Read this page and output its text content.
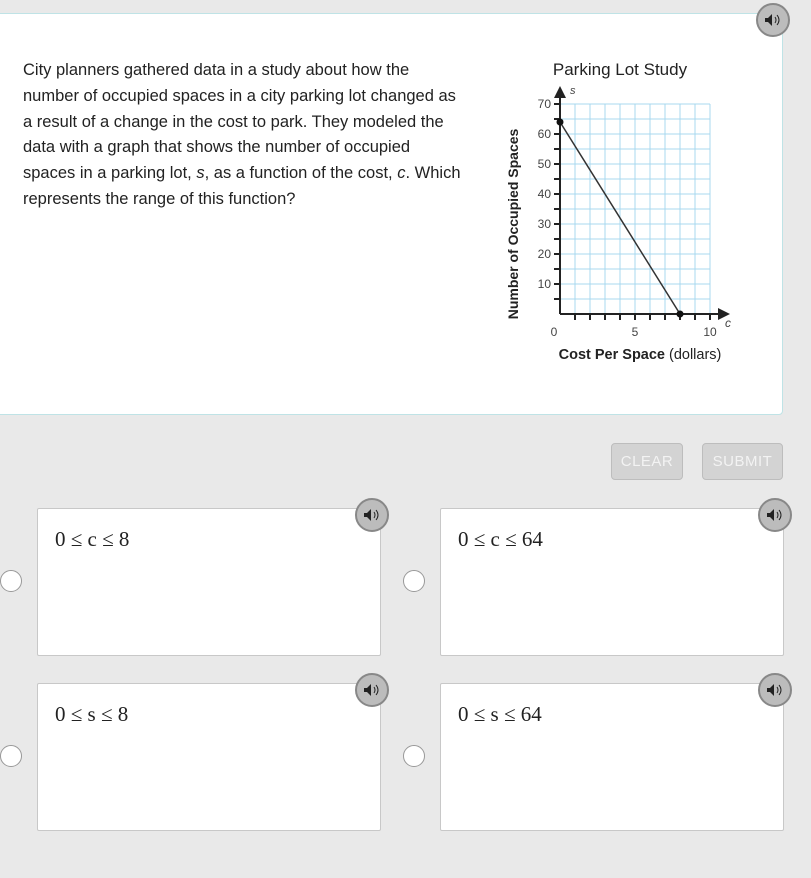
City planners gathered data in a study about how the number of occupied spaces in a city parking lot changed as a result of a change in the cost to park. They modeled the data with a graph that shows the number of occupied spaces in a parking lot, s, as a function of the cost, c. Which represents the range of this function?
0	5	10
10
20
30
40
50
60
70
Parking Lot Study
s
c
Number of Occupied Spaces
Cost Per Space (dollars)
CLEAR	SUBMIT
0 ≤ c ≤ 8	0 ≤ c ≤ 64
0 ≤ s ≤ 8	0 ≤ s ≤ 64
